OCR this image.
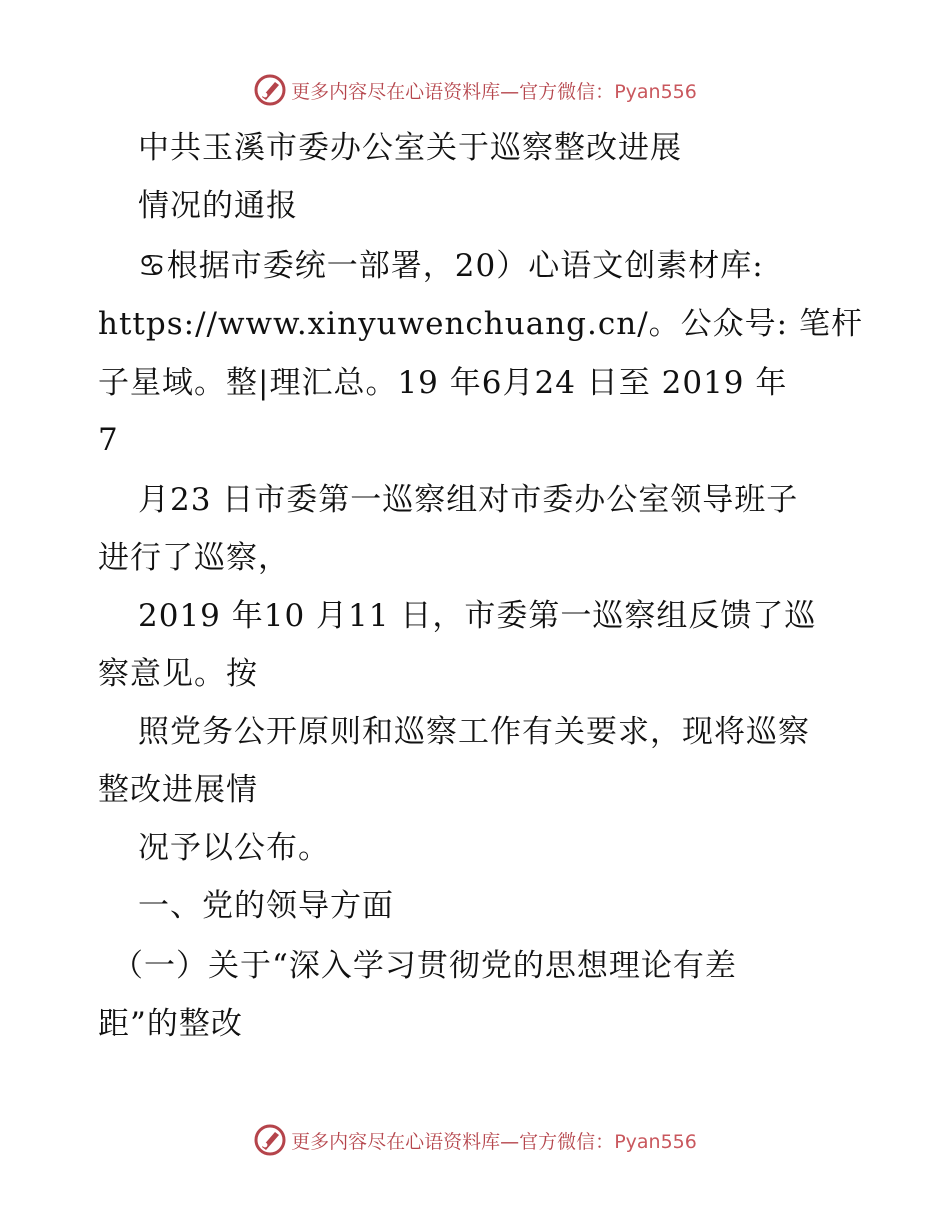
更多内容尽在心语资料库—官方微信：Pyan556
中共玉溪市委办公室关于巡察整改进展
情况的通报
♋根据市委统一部署，20）心语文创素材库:
https://www.xinyuwenchuang.cn/。公众号: 笔杆
子星域。整|理汇总。19 年6月24 日至 2019 年
7
月23 日市委第一巡察组对市委办公室领导班子
进行了巡察，
2019 年10 月11 日，市委第一巡察组反馈了巡
察意见。按
照党务公开原则和巡察工作有关要求，现将巡察
整改进展情
况予以公布。
一、党的领导方面
（一）关于“深入学习贯彻党的思想理论有差
距”的整改
更多内容尽在心语资料库—官方微信：Pyan556
